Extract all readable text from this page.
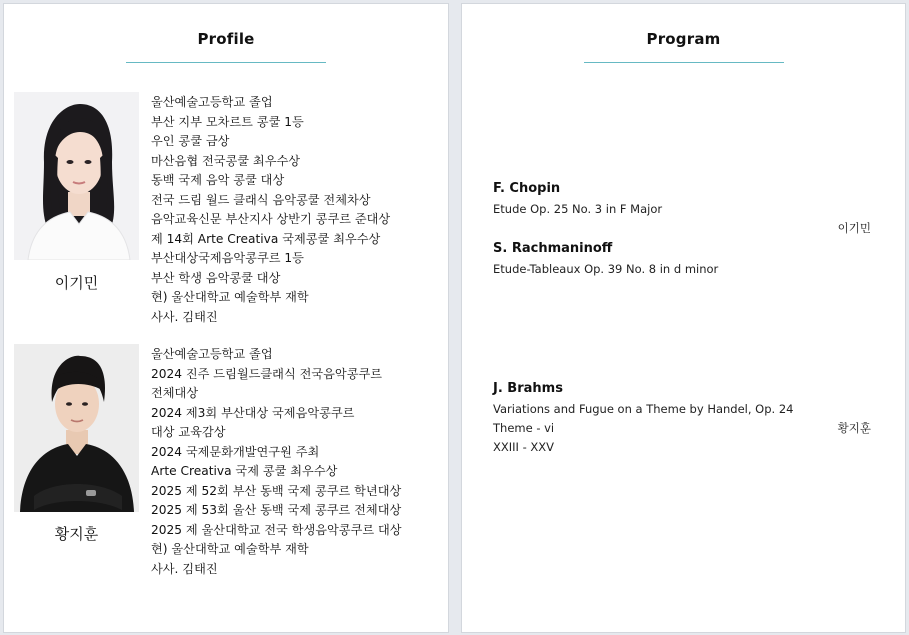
Profile
이기민
울산예술고등학교 졸업
부산 지부 모차르트 콩쿨 1등
우인 콩쿨 금상
마산음협 전국콩쿨 최우수상
동백 국제 음악 콩쿨 대상
전국 드림 월드 클래식 음악콩쿨 전체차상
음악교육신문 부산지사 상반기 콩쿠르 준대상
제 14회 Arte Creativa 국제콩쿨 최우수상
부산대상국제음악콩쿠르 1등
부산 학생 음악콩쿨 대상
현) 울산대학교 예술학부 재학
사사. 김태진
황지훈
울산예술고등학교 졸업
2024 진주 드림월드클래식 전국음악콩쿠르
전체대상
2024 제3회 부산대상 국제음악콩쿠르
대상 교육감상
2024 국제문화개발연구원 주최
Arte Creativa 국제 콩쿨 최우수상
2025 제 52회 부산 동백 국제 콩쿠르 학년대상
2025 제 53회 울산 동백 국제 콩쿠르 전체대상
2025 제 울산대학교 전국 학생음악콩쿠르 대상
현) 울산대학교 예술학부 재학
사사. 김태진
Program
F. Chopin
Etude Op. 25 No. 3 in F Major
이기민
S. Rachmaninoff
Etude-Tableaux Op. 39 No. 8 in d minor
J. Brahms
Variations and Fugue on a Theme by Handel, Op. 24
Theme - vi
XXIII - XXV
황지훈
